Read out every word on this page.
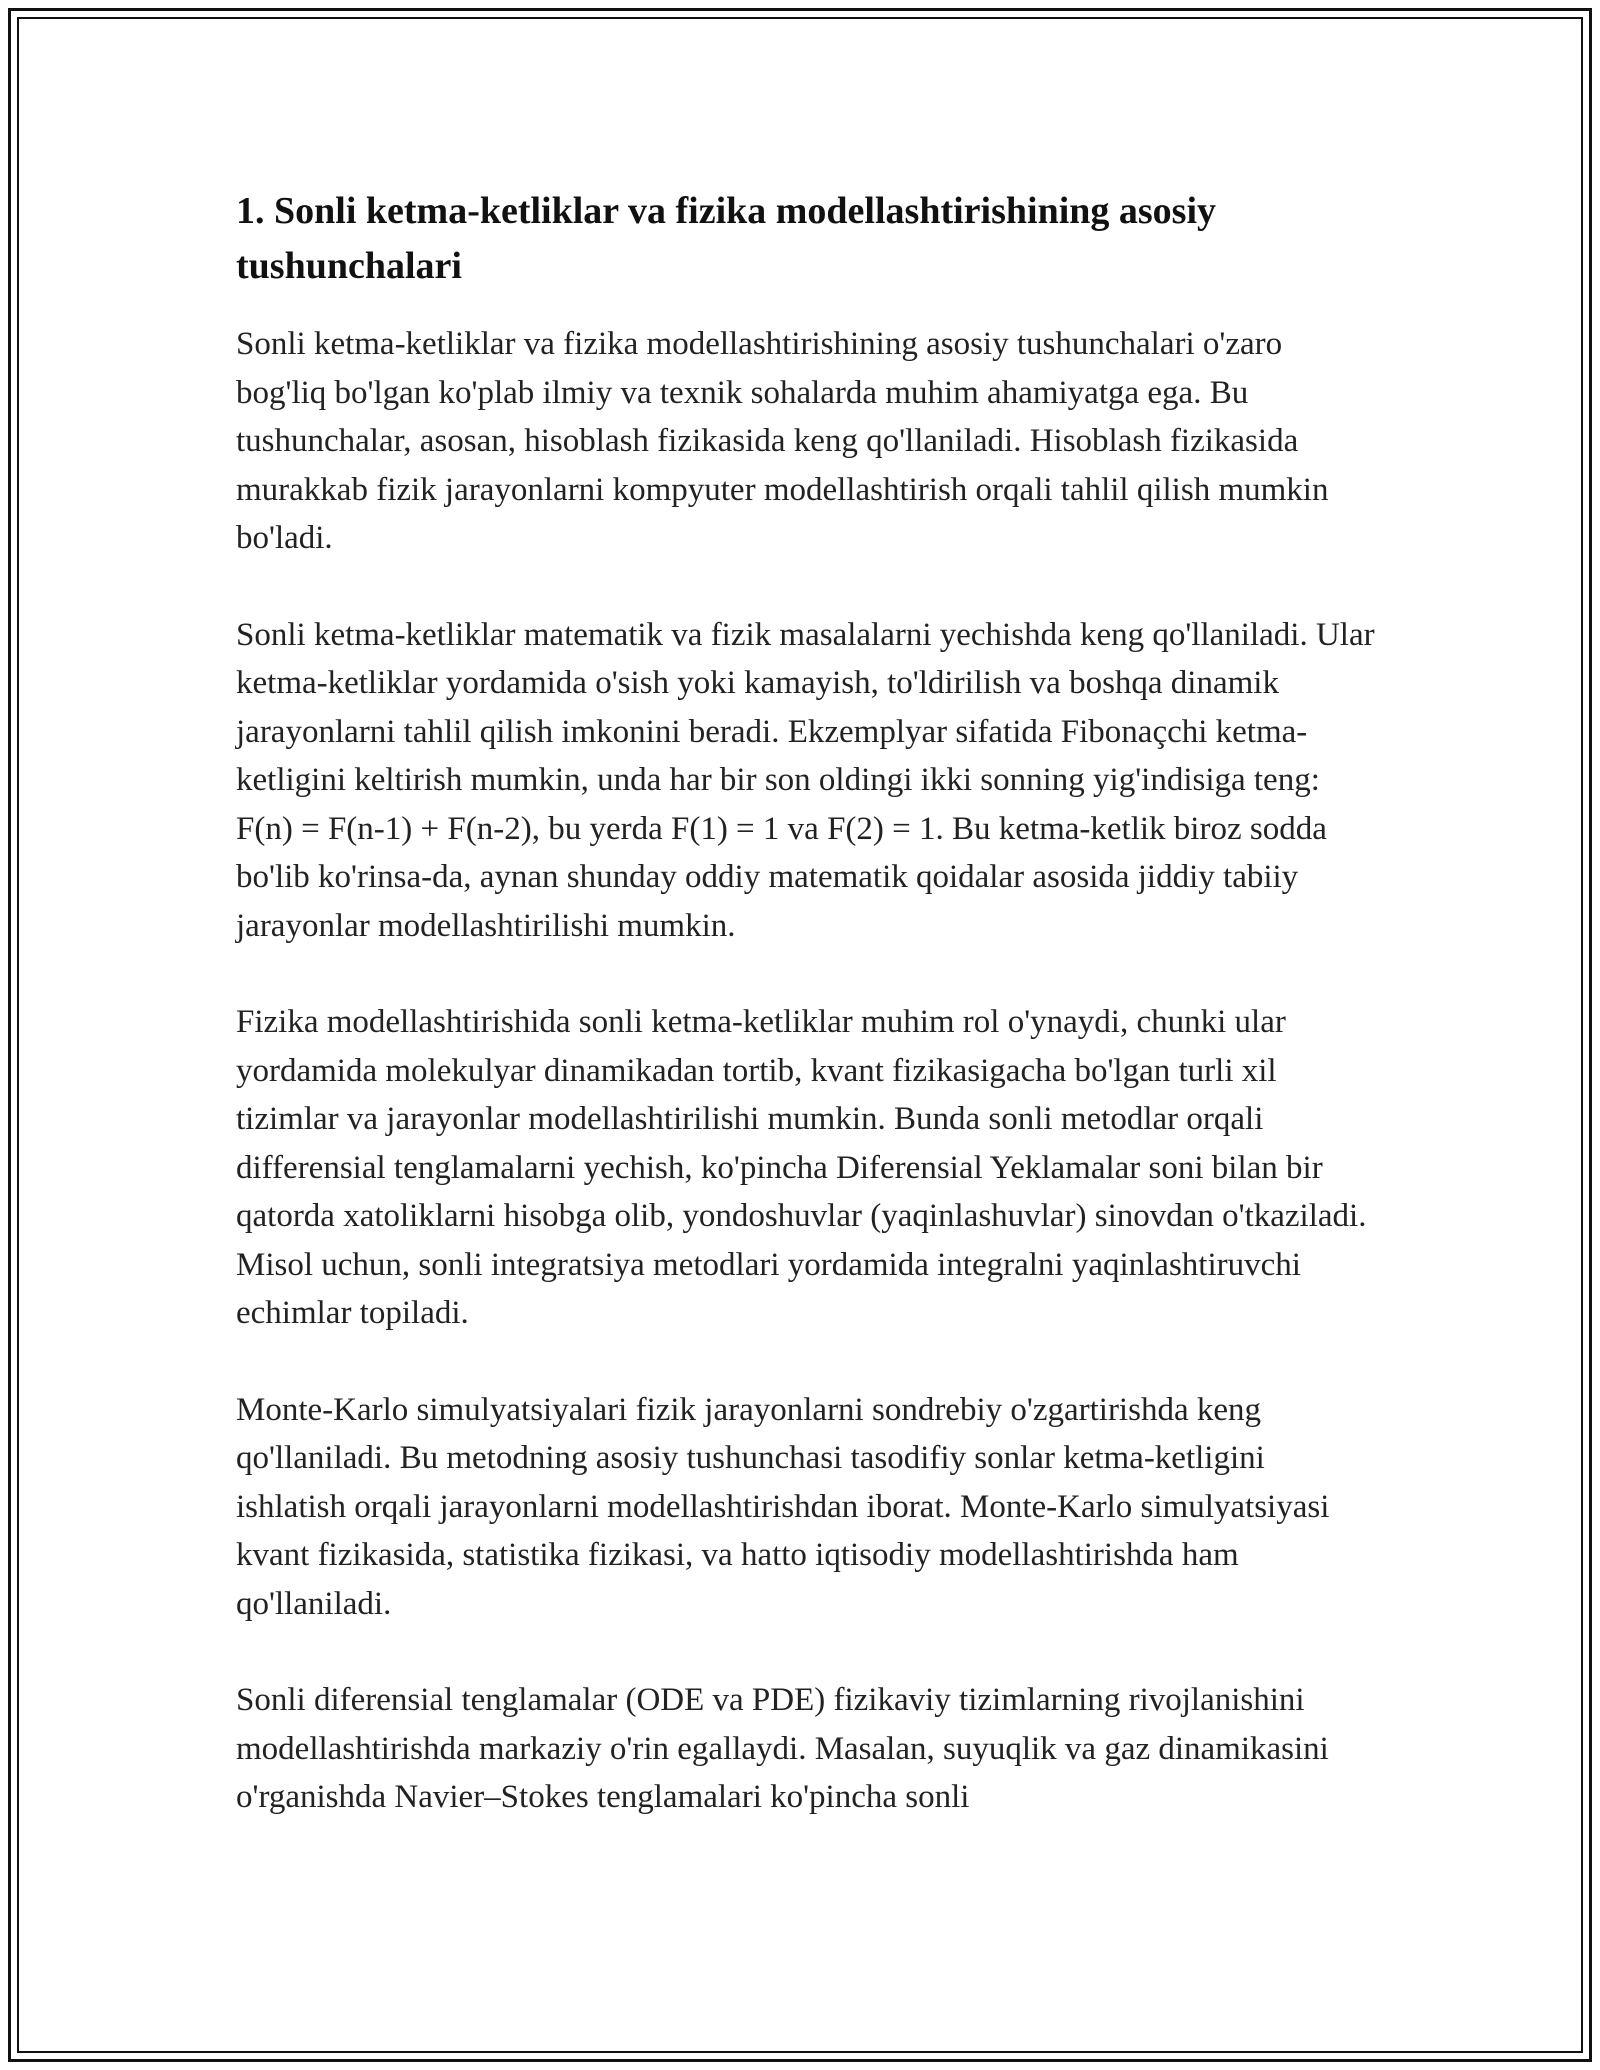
1. Sonli ketma-ketliklar va fizika modellashtirishining asosiy tushunchalari

Sonli ketma-ketliklar va fizika modellashtirishining asosiy tushunchalari o'zaro bog'liq bo'lgan ko'plab ilmiy va texnik sohalarda muhim ahamiyatga ega. Bu tushunchalar, asosan, hisoblash fizikasida keng qo'llaniladi. Hisoblash fizikasida murakkab fizik jarayonlarni kompyuter modellashtirish orqali tahlil qilish mumkin bo'ladi.

Sonli ketma-ketliklar matematik va fizik masalalarni yechishda keng qo'llaniladi. Ular ketma-ketliklar yordamida o'sish yoki kamayish, to'ldirilish va boshqa dinamik jarayonlarni tahlil qilish imkonini beradi. Ekzemplyar sifatida Fibonaçchi ketma-ketligini keltirish mumkin, unda har bir son oldingi ikki sonning yig'indisiga teng: F(n) = F(n-1) + F(n-2), bu yerda F(1) = 1 va F(2) = 1. Bu ketma-ketlik biroz sodda bo'lib ko'rinsa-da, aynan shunday oddiy matematik qoidalar asosida jiddiy tabiiy jarayonlar modellashtirilishi mumkin.

Fizika modellashtirishida sonli ketma-ketliklar muhim rol o'ynaydi, chunki ular yordamida molekulyar dinamikadan tortib, kvant fizikasigacha bo'lgan turli xil tizimlar va jarayonlar modellashtirilishi mumkin. Bunda sonli metodlar orqali differensial tenglamalarni yechish, ko'pincha Diferensial Yeklamalar soni bilan bir qatorda xatoliklarni hisobga olib, yondoshuvlar (yaqinlashuvlar) sinovdan o'tkaziladi. Misol uchun, sonli integratsiya metodlari yordamida integralni yaqinlashtiruvchi echimlar topiladi.

Monte-Karlo simulyatsiyalari fizik jarayonlarni sondrebiy o'zgartirishda keng qo'llaniladi. Bu metodning asosiy tushunchasi tasodifiy sonlar ketma-ketligini ishlatish orqali jarayonlarni modellashtirishdan iborat. Monte-Karlo simulyatsiyasi kvant fizikasida, statistika fizikasi, va hatto iqtisodiy modellashtirishda ham qo'llaniladi.

Sonli diferensial tenglamalar (ODE va PDE) fizikaviy tizimlarning rivojlanishini modellashtirishda markaziy o'rin egallaydi. Masalan, suyuqlik va gaz dinamikasini o'rganishda Navier–Stokes tenglamalari ko'pincha sonli
